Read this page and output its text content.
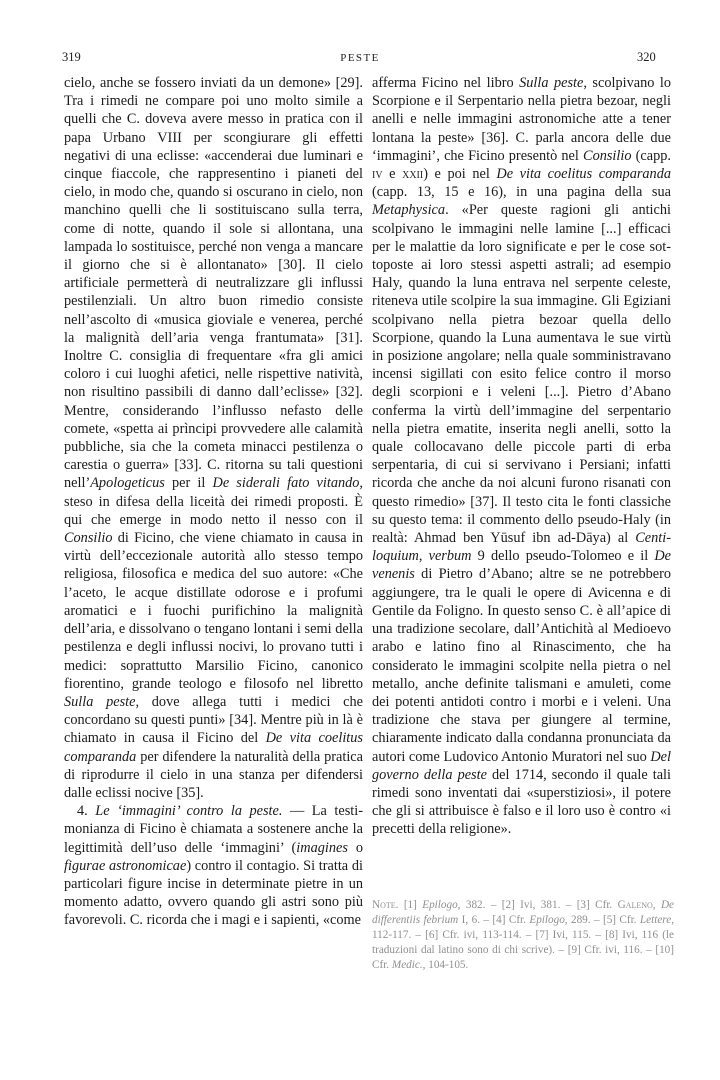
319	PESTE	320

cielo, anche se fossero inviati da un demone» [29]. Tra i rimedi ne compare poi uno molto simile a quelli che C. doveva avere messo in pratica con il papa Urbano VIII per scongiurare gli effetti negativi di una eclisse: «accenderai due luminari e cinque fiaccole, che rappresentino i pianeti del cielo, in modo che, quando si oscurano in cielo, non manchino quelli che li sostituiscano sulla terra, come di notte, quando il sole si allontana, una lampada lo sostituisce, perché non venga a mancare il giorno che si è allontanato» [30]. Il cielo artificiale permetterà di neutralizzare gli influssi pestilenziali. Un altro buon rimedio consiste nell’ascolto di «musica gioviale e venerea, perché la malignità dell’aria venga frantumata» [31]. Inoltre C. consiglia di frequentare «fra gli amici coloro i cui luoghi afetici, nelle rispettive natività, non risultino passibili di danno dall’eclisse» [32]. Mentre, considerando l’influsso nefasto delle comete, «spetta ai prìncipi provvedere alle calamità pubbliche, sia che la cometa minacci pestilenza o carestia o guerra» [33]. C. ritorna su tali questioni nell’Apologeticus per il De siderali fato vitando, steso in difesa della liceità dei rimedi proposti. È qui che emerge in modo netto il nesso con il Consilio di Ficino, che viene chiamato in causa in virtù dell’eccezionale autorità allo stesso tempo religiosa, filosofica e medica del suo autore: «Che l’aceto, le acque distillate odorose e i profumi aromatici e i fuochi purifichino la malignità dell’aria, e dissolvano o tengano lontani i semi della pestilenza e degli influssi nocivi, lo provano tutti i medici: soprattutto Marsilio Ficino, canonico fiorentino, grande teologo e filosofo nel libretto Sulla peste, dove allega tutti i medici che concordano su questi punti» [34]. Mentre più in là è chiamato in causa il Ficino del De vita coelitus comparanda per difendere la naturalità della pratica di riprodurre il cielo in una stanza per difendersi dalle eclissi nocive [35].

4. Le ‘immagini’ contro la peste. — La testimonianza di Ficino è chiamata a sostenere anche la legittimità dell’uso delle ‘immagini’ (imagines o figurae astronomicae) contro il contagio. Si tratta di particolari figure incise in determinate pietre in un momento adatto, ovvero quando gli astri sono più favorevoli. C. ricorda che i magi e i sapienti, «come

afferma Ficino nel libro Sulla peste, scolpivano lo Scorpione e il Serpentario nella pietra bezoar, negli anelli e nelle immagini astronomiche atte a tener lontana la peste» [36]. C. parla ancora delle due ‘immagini’, che Ficino presentò nel Consilio (capp. iv e xxii) e poi nel De vita coelitus comparanda (capp. 13, 15 e 16), in una pagina della sua Metaphysica. «Per queste ragioni gli antichi scolpivano le immagini nelle lamine [...] efficaci per le malattie da loro significate e per le cose sottoposte ai loro stessi aspetti astrali; ad esempio Haly, quando la luna entrava nel serpente celeste, riteneva utile scolpire la sua immagine. Gli Egiziani scolpivano nella pietra bezoar quella dello Scorpione, quando la Luna aumentava le sue virtù in posizione angolare; nella quale somministravano incensi sigillati con esito felice contro il morso degli scorpioni e i veleni [...]. Pietro d’Abano conferma la virtù dell’immagine del serpentario nella pietra ematite, inserita negli anelli, sotto la quale collocavano delle piccole parti di erba serpentaria, di cui si servivano i Persiani; infatti ricorda che anche da noi alcuni furono risanati con questo rimedio» [37]. Il testo cita le fonti classiche su questo tema: il commento dello pseudo-Haly (in realtà: Ahmad ben Yūsuf ibn ad-Dāya) al Centiloquium, verbum 9 dello pseudo-Tolomeo e il De venenis di Pietro d’Abano; altre se ne potrebbero aggiungere, tra le quali le opere di Avicenna e di Gentile da Foligno. In questo senso C. è all’apice di una tradizione secolare, dall’Antichità al Medioevo arabo e latino fino al Rinascimento, che ha considerato le immagini scolpite nella pietra o nel metallo, anche definite talismani e amuleti, come dei potenti antidoti contro i morbi e i veleni. Una tradizione che stava per giungere al termine, chiaramente indicato dalla condanna pronunciata da autori come Ludovico Antonio Muratori nel suo Del governo della peste del 1714, secondo il quale tali rimedi sono inventati dai «superstiziosi», il potere che gli si attribuisce è falso e il loro uso è contro «i precetti della religione».

Note. [1] Epilogo, 382. – [2] Ivi, 381. – [3] Cfr. Galeno, De differentiis febrium I, 6. – [4] Cfr. Epilogo, 289. – [5] Cfr. Lettere, 112-117. – [6] Cfr. ivi, 113-114. – [7] Ivi, 115. – [8] Ivi, 116 (le traduzioni dal latino sono di chi scrive). – [9] Cfr. ivi, 116. – [10] Cfr. Medic., 104-105.
